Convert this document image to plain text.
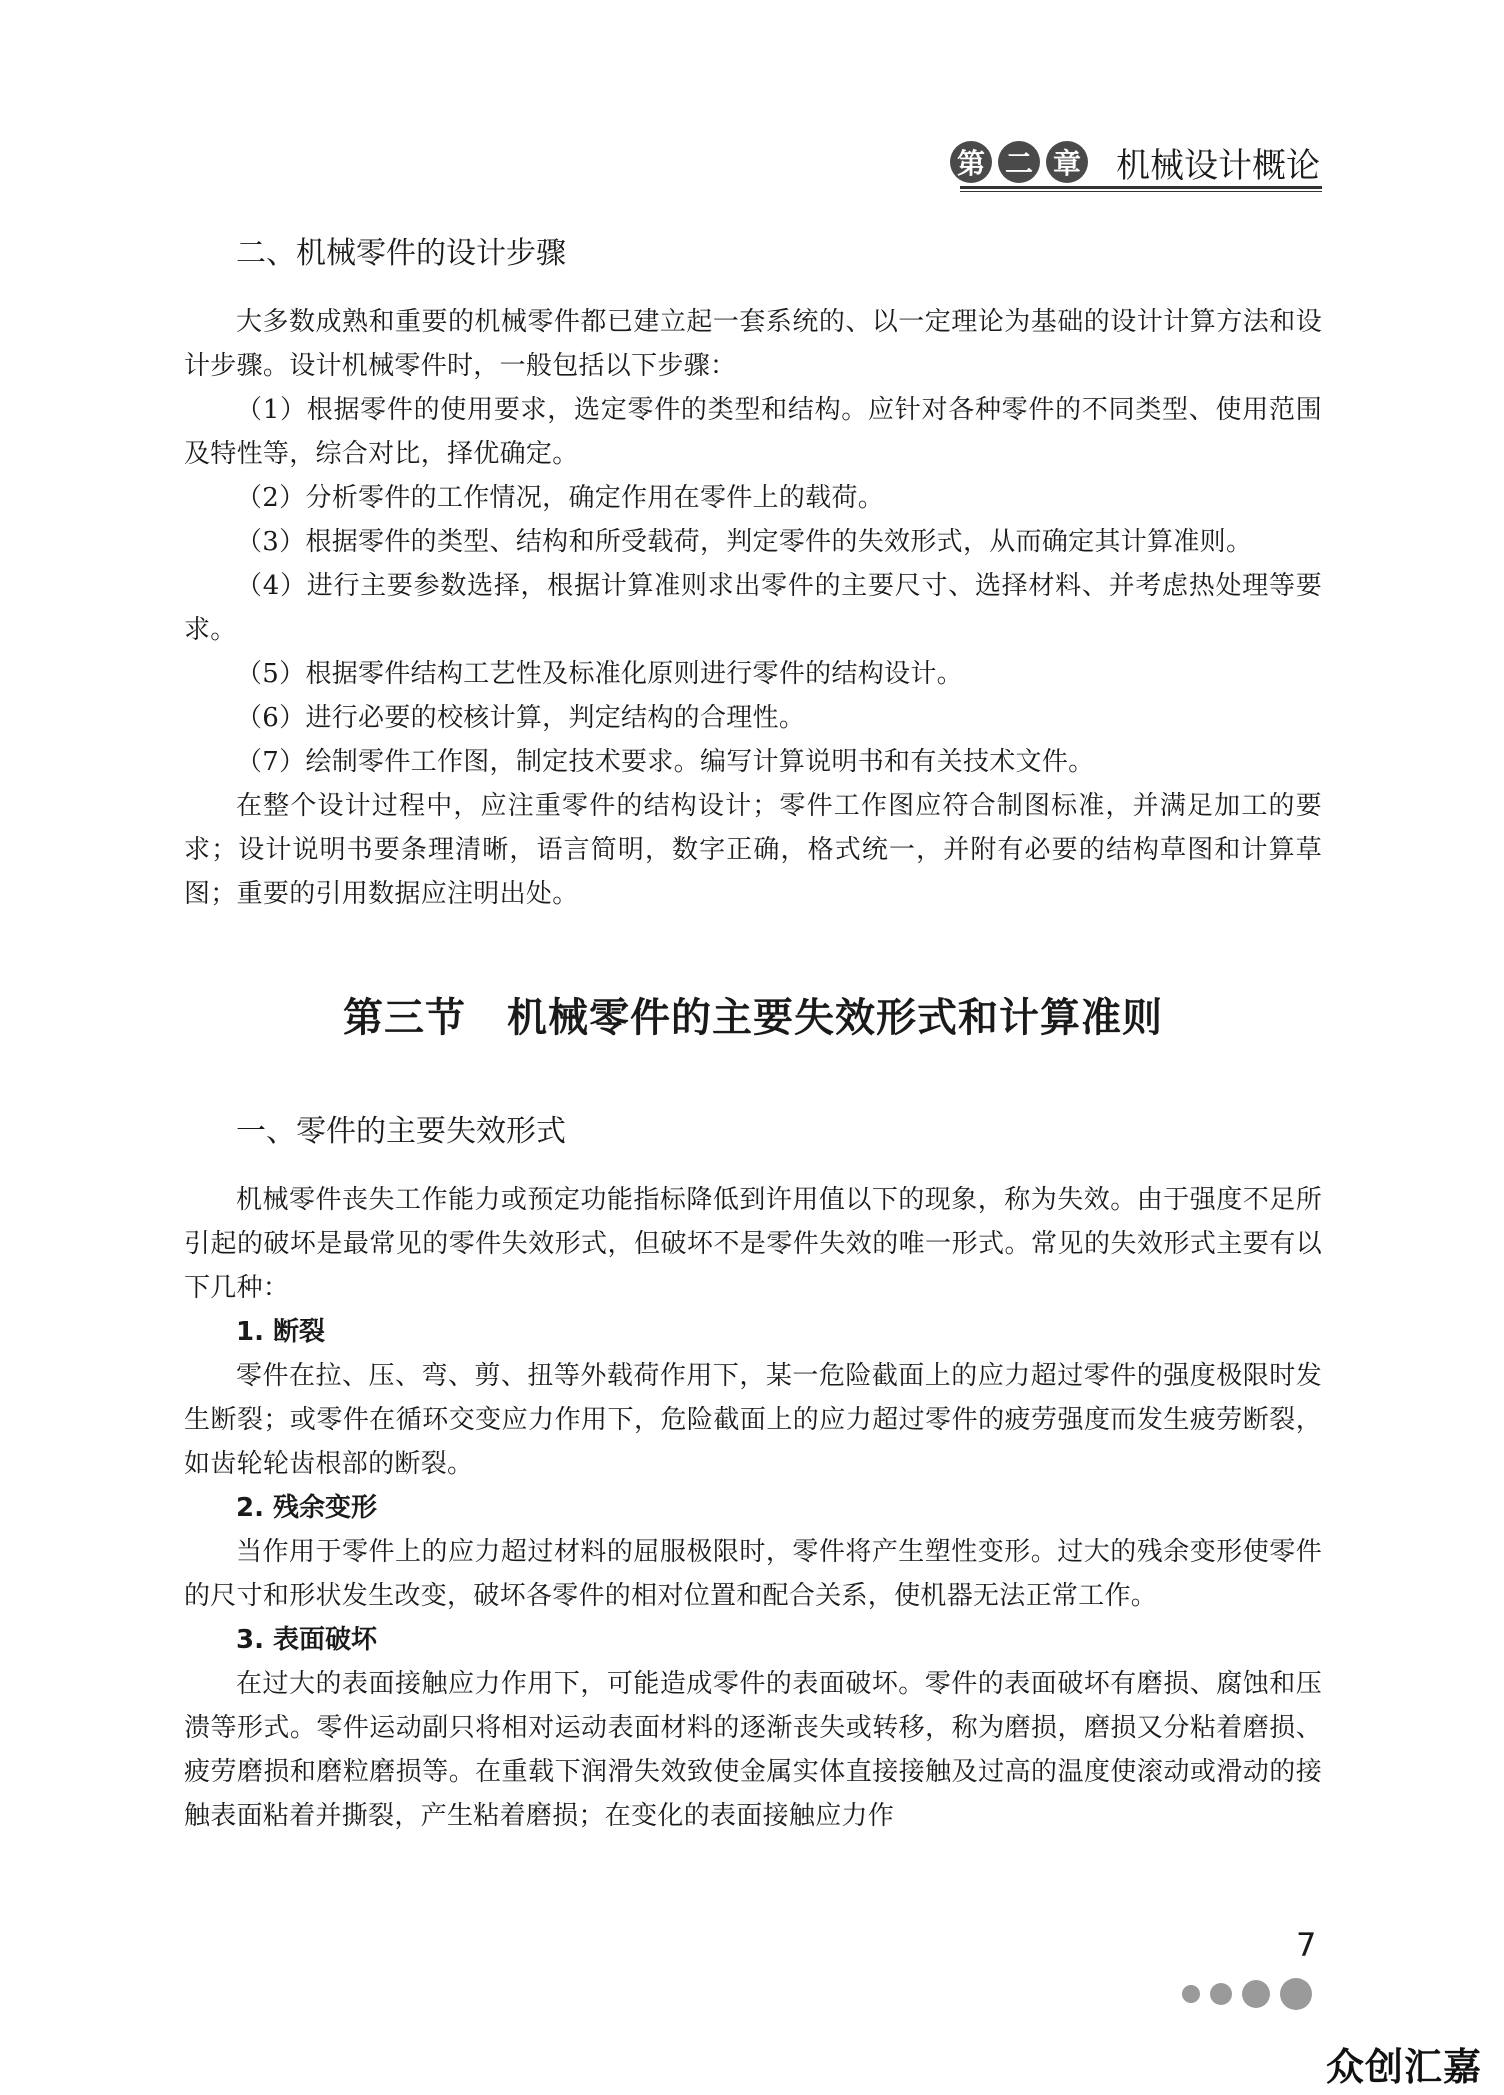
第 二 章 机械设计概论
二、机械零件的设计步骤

大多数成熟和重要的机械零件都已建立起一套系统的、以一定理论为基础的设计计算方法和设计步骤。设计机械零件时，一般包括以下步骤：

（1）根据零件的使用要求，选定零件的类型和结构。应针对各种零件的不同类型、使用范围及特性等，综合对比，择优确定。

（2）分析零件的工作情况，确定作用在零件上的载荷。

（3）根据零件的类型、结构和所受载荷，判定零件的失效形式，从而确定其计算准则。

（4）进行主要参数选择，根据计算准则求出零件的主要尺寸、选择材料、并考虑热处理等要求。

（5）根据零件结构工艺性及标准化原则进行零件的结构设计。

（6）进行必要的校核计算，判定结构的合理性。

（7）绘制零件工作图，制定技术要求。编写计算说明书和有关技术文件。

在整个设计过程中，应注重零件的结构设计；零件工作图应符合制图标准，并满足加工的要求；设计说明书要条理清晰，语言简明，数字正确，格式统一，并附有必要的结构草图和计算草图；重要的引用数据应注明出处。

第三节　机械零件的主要失效形式和计算准则
一、零件的主要失效形式

机械零件丧失工作能力或预定功能指标降低到许用值以下的现象，称为失效。由于强度不足所引起的破坏是最常见的零件失效形式，但破坏不是零件失效的唯一形式。常见的失效形式主要有以下几种：

1. 断裂

零件在拉、压、弯、剪、扭等外载荷作用下，某一危险截面上的应力超过零件的强度极限时发生断裂；或零件在循环交变应力作用下，危险截面上的应力超过零件的疲劳强度而发生疲劳断裂，如齿轮轮齿根部的断裂。

2. 残余变形

当作用于零件上的应力超过材料的屈服极限时，零件将产生塑性变形。过大的残余变形使零件的尺寸和形状发生改变，破坏各零件的相对位置和配合关系，使机器无法正常工作。

3. 表面破坏

在过大的表面接触应力作用下，可能造成零件的表面破坏。零件的表面破坏有磨损、腐蚀和压溃等形式。零件运动副只将相对运动表面材料的逐渐丧失或转移，称为磨损，磨损又分粘着磨损、疲劳磨损和磨粒磨损等。在重载下润滑失效致使金属实体直接接触及过高的温度使滚动或滑动的接触表面粘着并撕裂，产生粘着磨损；在变化的表面接触应力作

7
众创汇嘉
